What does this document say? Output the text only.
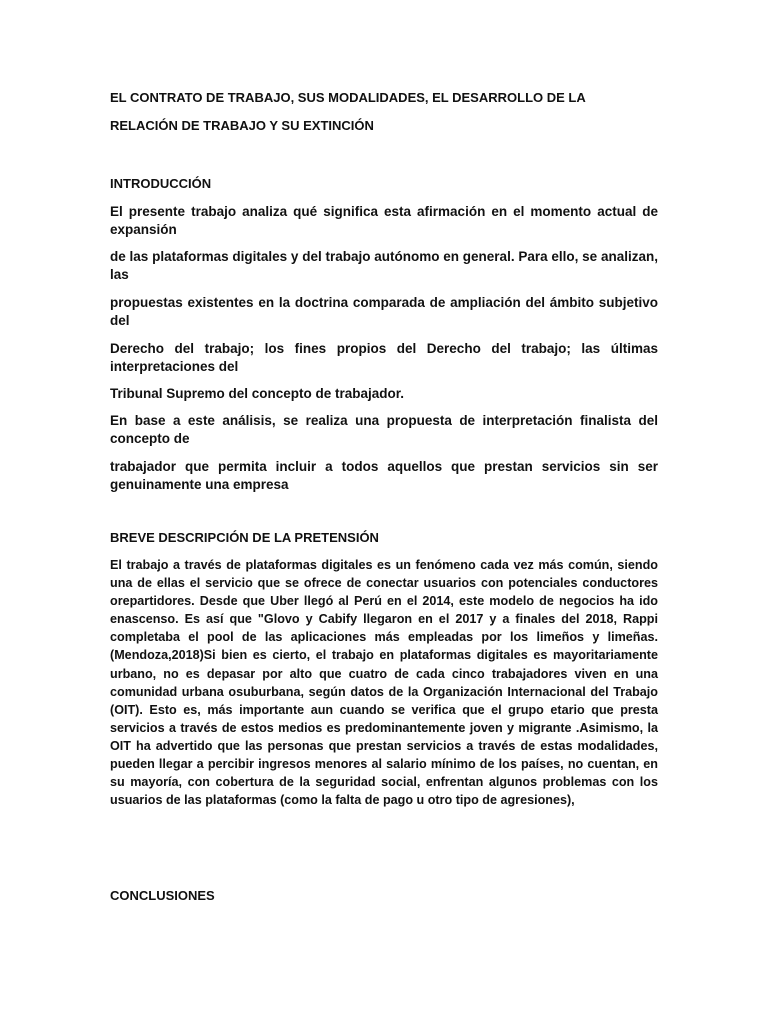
EL CONTRATO DE TRABAJO, SUS MODALIDADES, EL DESARROLLO DE LA
RELACIÓN DE TRABAJO Y SU EXTINCIÓN
INTRODUCCIÓN
El presente trabajo analiza qué significa esta afirmación en el momento actual de expansión
de las plataformas digitales y del trabajo autónomo en general. Para ello, se analizan, las
propuestas existentes en la doctrina comparada de ampliación del ámbito subjetivo del
Derecho del trabajo; los fines propios del Derecho del trabajo; las últimas interpretaciones del
Tribunal Supremo del concepto de trabajador.
En base a este análisis, se realiza una propuesta de interpretación finalista del concepto de
trabajador que permita incluir a todos aquellos que prestan servicios sin ser genuinamente una empresa
BREVE DESCRIPCIÓN DE LA PRETENSIÓN
El trabajo a través de plataformas digitales es un fenómeno cada vez más común, siendo una de ellas el servicio que se ofrece de conectar usuarios con potenciales conductores orepartidores. Desde que Uber llegó al Perú en el 2014, este modelo de negocios ha ido enascenso. Es así que "Glovo y Cabify llegaron en el 2017 y a finales del 2018, Rappi completaba el pool de las aplicaciones más empleadas por los limeños y limeñas. (Mendoza,2018)Si bien es cierto, el trabajo en plataformas digitales es mayoritariamente urbano, no es depasar por alto que cuatro de cada cinco trabajadores viven en una comunidad urbana osuburbana, según datos de la Organización Internacional del Trabajo (OIT). Esto es, más importante aun cuando se verifica que el grupo etario que presta servicios a través de estos medios es predominantemente joven y migrante .Asimismo, la OIT ha advertido que las personas que prestan servicios a través de estas modalidades, pueden llegar a percibir ingresos menores al salario mínimo de los países, no cuentan, en su mayoría, con cobertura de la seguridad social, enfrentan algunos problemas con los usuarios de las plataformas (como la falta de pago u otro tipo de agresiones),
CONCLUSIONES
